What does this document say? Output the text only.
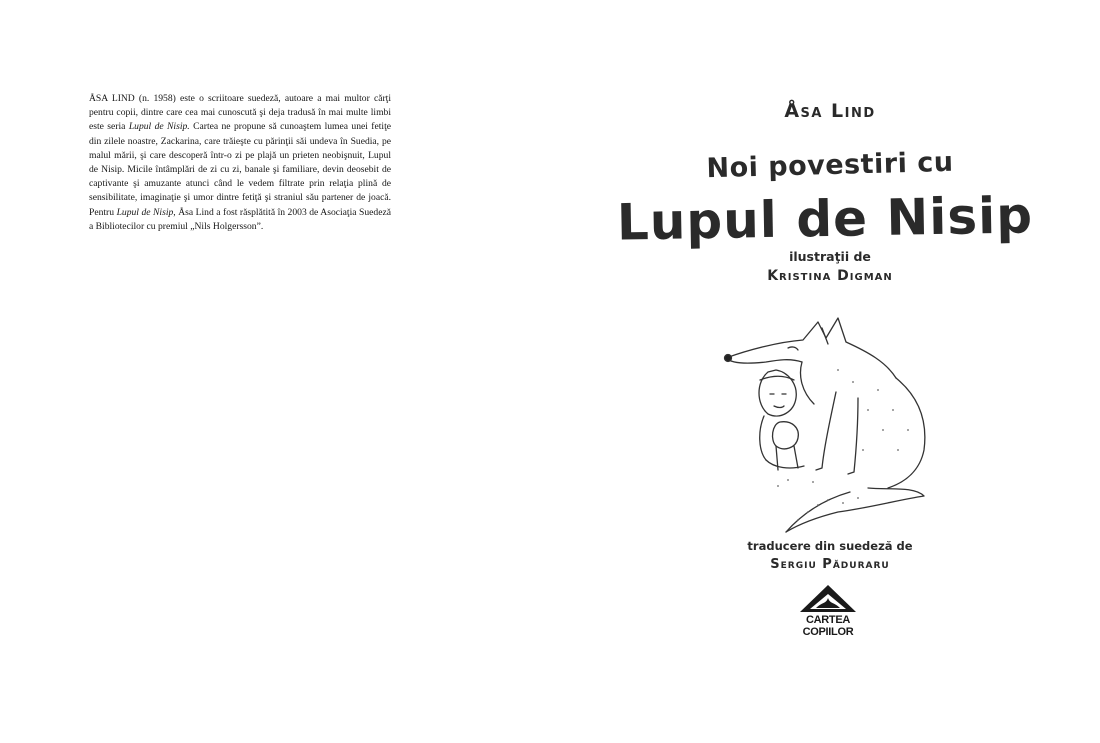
ÅSA LIND (n. 1958) este o scriitoare suedeză, autoare a mai multor cărţi pentru copii, dintre care cea mai cunoscută şi deja tradusă în mai multe limbi este seria Lupul de Nisip. Cartea ne propune să cunoaştem lumea unei fetiţe din zilele noastre, Zackarina, care trăieşte cu părinţii săi undeva în Suedia, pe malul mării, şi care descoperă într-o zi pe plajă un prieten neobişnuit, Lupul de Nisip. Micile întâmplări de zi cu zi, banale şi familiare, devin deosebit de captivante şi amuzante atunci când le vedem filtrate prin relaţia plină de sensibilitate, imaginaţie şi umor dintre fetiţă şi straniul său partener de joacă. Pentru Lupul de Nisip, Åsa Lind a fost răsplătită în 2003 de Asociaţia Suedeză a Bibliotecilor cu premiul „Nils Holgersson”.

Åsa Lind

Noi povestiri cu

Lupul de Nisip

ilustraţii de

Kristina Digman

traducere din suedeză de

Sergiu Păduraru

CARTEA

COPIILOR
